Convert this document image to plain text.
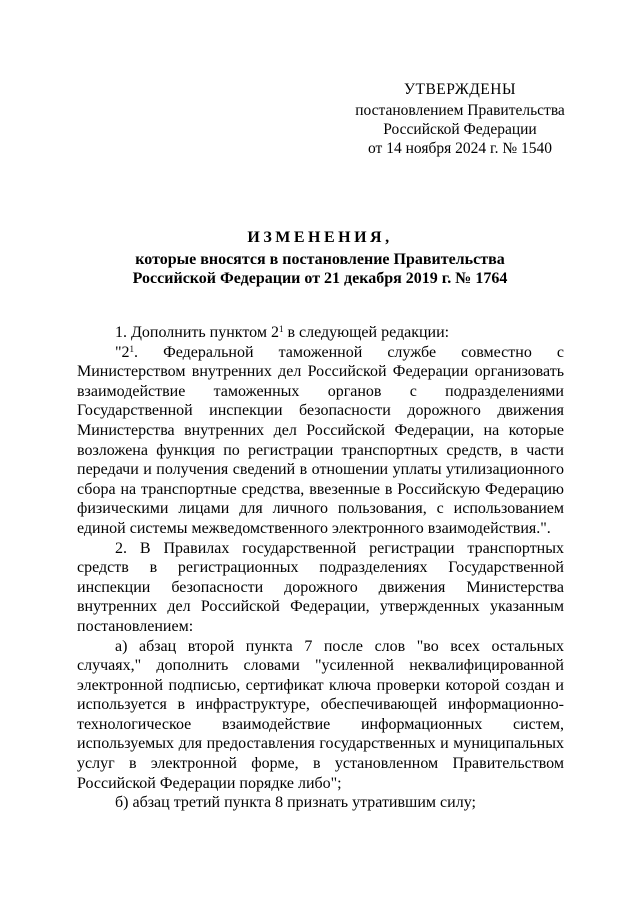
УТВЕРЖДЕНЫ
постановлением Правительства
Российской Федерации
от 14 ноября 2024 г. № 1540
ИЗМЕНЕНИЯ,
которые вносятся в постановление Правительства
Российской Федерации от 21 декабря 2019 г. № 1764

1. Дополнить пунктом $2^1$ в следующей редакции:

"$2^1$. Федеральной таможенной службе совместно с Министерством внутренних дел Российской Федерации организовать взаимодействие таможенных органов с подразделениями Государственной инспекции безопасности дорожного движения Министерства внутренних дел Российской Федерации, на которые возложена функция по регистрации транспортных средств, в части передачи и получения сведений в отношении уплаты утилизационного сбора на транспортные средства, ввезенные в Российскую Федерацию физическими лицами для личного пользования, с использованием единой системы межведомственного электронного взаимодействия.".

2. В Правилах государственной регистрации транспортных средств в регистрационных подразделениях Государственной инспекции безопасности дорожного движения Министерства внутренних дел Российской Федерации, утвержденных указанным постановлением:

а) абзац второй пункта 7 после слов "во всех остальных случаях," дополнить словами "усиленной неквалифицированной электронной подписью, сертификат ключа проверки которой создан и используется в инфраструктуре, обеспечивающей информационно-технологическое взаимодействие информационных систем, используемых для предоставления государственных и муниципальных услуг в электронной форме, в установленном Правительством Российской Федерации порядке либо";

б) абзац третий пункта 8 признать утратившим силу;
